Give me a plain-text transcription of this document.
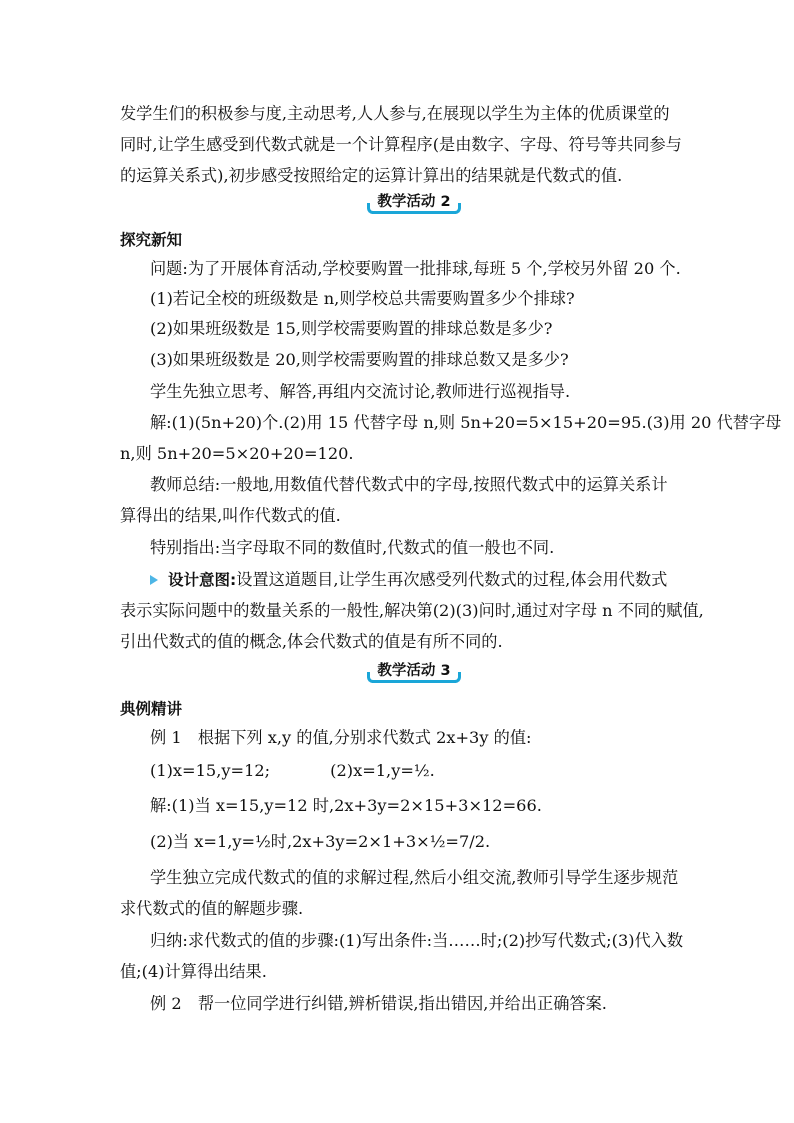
发学生们的积极参与度,主动思考,人人参与,在展现以学生为主体的优质课堂的
同时,让学生感受到代数式就是一个计算程序(是由数字、字母、符号等共同参与
的运算关系式),初步感受按照给定的运算计算出的结果就是代数式的值.
教学活动 2
探究新知
问题:为了开展体育活动,学校要购置一批排球,每班 5 个,学校另外留 20 个.
(1)若记全校的班级数是 n,则学校总共需要购置多少个排球?
(2)如果班级数是 15,则学校需要购置的排球总数是多少?
(3)如果班级数是 20,则学校需要购置的排球总数又是多少?
学生先独立思考、解答,再组内交流讨论,教师进行巡视指导.
解:(1)(5n+20)个.(2)用 15 代替字母 n,则 5n+20=5×15+20=95.(3)用 20 代替字母
n,则 5n+20=5×20+20=120.
教师总结:一般地,用数值代替代数式中的字母,按照代数式中的运算关系计
算得出的结果,叫作代数式的值.
特别指出:当字母取不同的数值时,代数式的值一般也不同.
设计意图:设置这道题目,让学生再次感受列代数式的过程,体会用代数式
表示实际问题中的数量关系的一般性,解决第(2)(3)问时,通过对字母 n 不同的赋值,
引出代数式的值的概念,体会代数式的值是有所不同的.
教学活动 3
典例精讲
例 1　根据下列 x,y 的值,分别求代数式 2x+3y 的值:
(1)x=15,y=12;	(2)x=1,y=½.
解:(1)当 x=15,y=12 时,2x+3y=2×15+3×12=66.
(2)当 x=1,y=½时,2x+3y=2×1+3×½=7/2.
学生独立完成代数式的值的求解过程,然后小组交流,教师引导学生逐步规范
求代数式的值的解题步骤.
归纳:求代数式的值的步骤:(1)写出条件:当……时;(2)抄写代数式;(3)代入数
值;(4)计算得出结果.
例 2　帮一位同学进行纠错,辨析错误,指出错因,并给出正确答案.
